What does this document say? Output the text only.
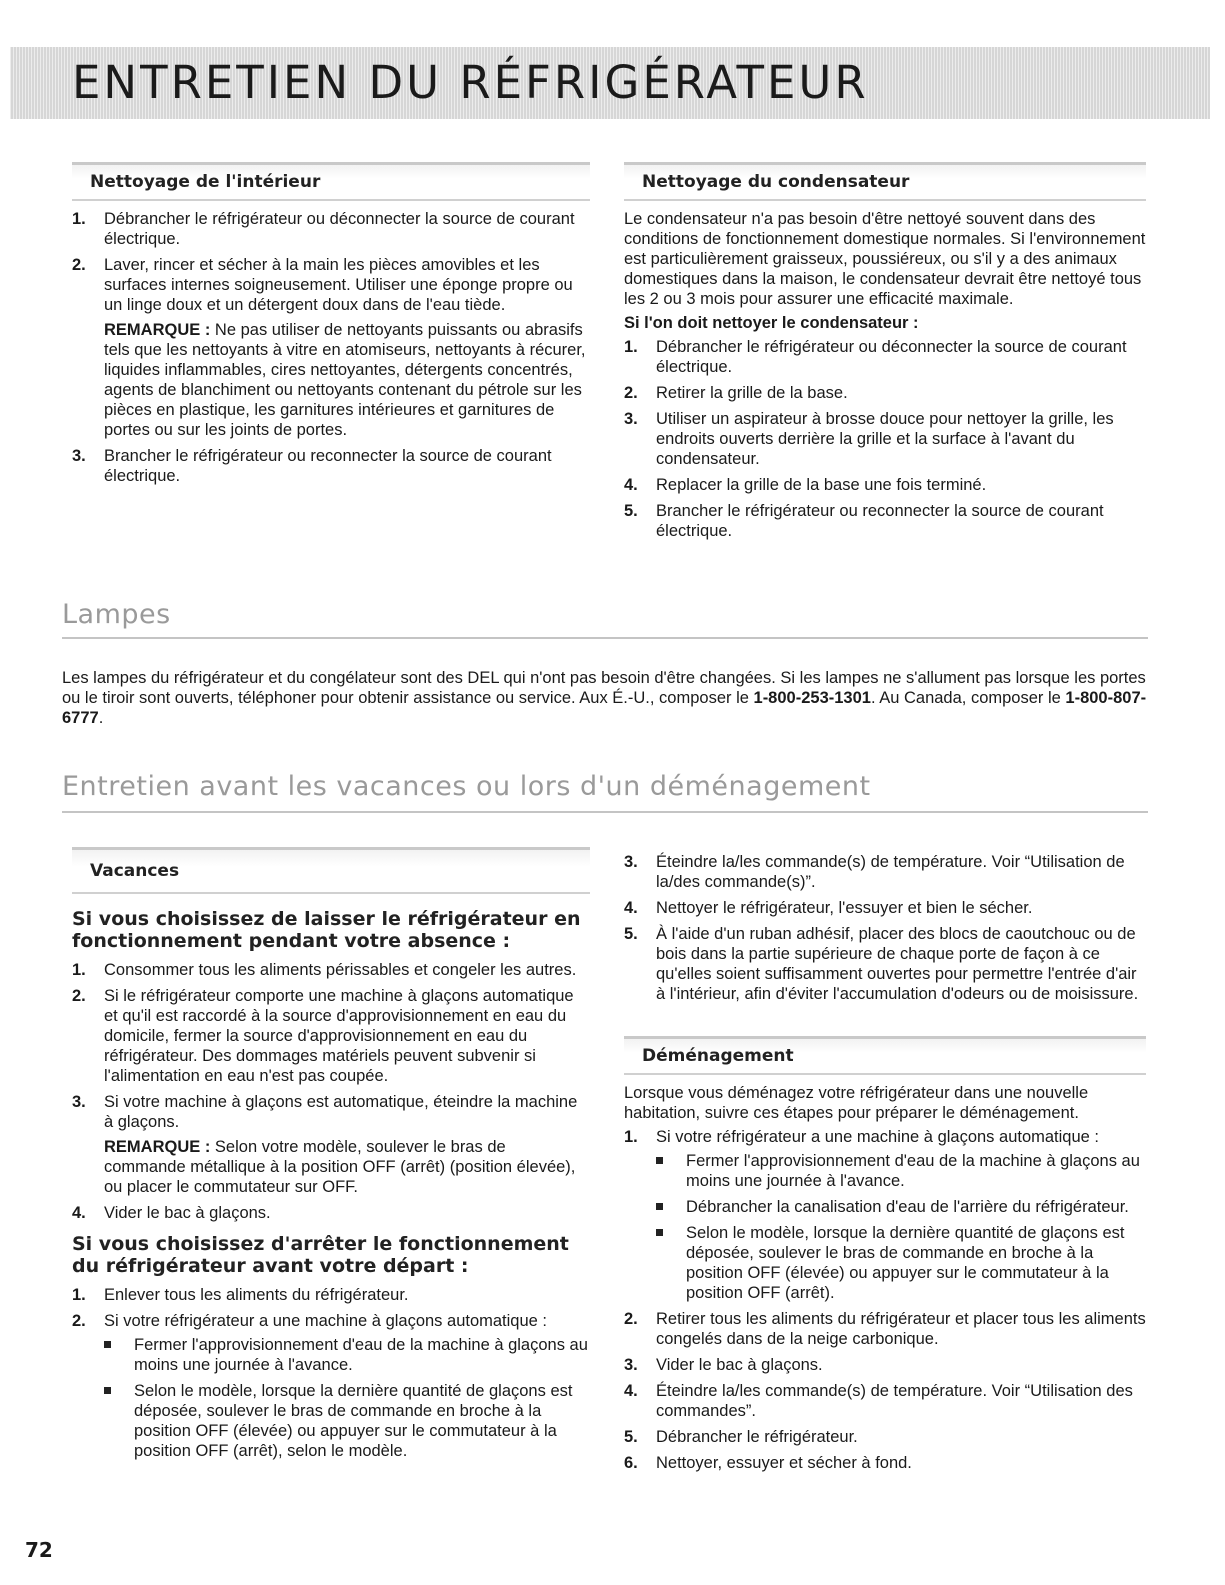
ENTRETIEN DU RÉFRIGÉRATEUR
Nettoyage de l'intérieur
1. Débrancher le réfrigérateur ou déconnecter la source de courant électrique.
2. Laver, rincer et sécher à la main les pièces amovibles et les surfaces internes soigneusement. Utiliser une éponge propre ou un linge doux et un détergent doux dans de l'eau tiède.

REMARQUE : Ne pas utiliser de nettoyants puissants ou abrasifs tels que les nettoyants à vitre en atomiseurs, nettoyants à récurer, liquides inflammables, cires nettoyantes, détergents concentrés, agents de blanchiment ou nettoyants contenant du pétrole sur les pièces en plastique, les garnitures intérieures et garnitures de portes ou sur les joints de portes.

3. Brancher le réfrigérateur ou reconnecter la source de courant électrique.
Nettoyage du condensateur

Le condensateur n'a pas besoin d'être nettoyé souvent dans des conditions de fonctionnement domestique normales. Si l'environnement est particulièrement graisseux, poussiéreux, ou s'il y a des animaux domestiques dans la maison, le condensateur devrait être nettoyé tous les 2 ou 3 mois pour assurer une efficacité maximale.

Si l'on doit nettoyer le condensateur :

1. Débrancher le réfrigérateur ou déconnecter la source de courant électrique.
2. Retirer la grille de la base.
3. Utiliser un aspirateur à brosse douce pour nettoyer la grille, les endroits ouverts derrière la grille et la surface à l'avant du condensateur.
4. Replacer la grille de la base une fois terminé.
5. Brancher le réfrigérateur ou reconnecter la source de courant électrique.
Lampes

Les lampes du réfrigérateur et du congélateur sont des DEL qui n'ont pas besoin d'être changées. Si les lampes ne s'allument pas lorsque les portes ou le tiroir sont ouverts, téléphoner pour obtenir assistance ou service. Aux É.-U., composer le 1-800-253-1301. Au Canada, composer le 1-800-807-6777.

Entretien avant les vacances ou lors d'un déménagement
Vacances
Si vous choisissez de laisser le réfrigérateur en fonctionnement pendant votre absence :
1. Consommer tous les aliments périssables et congeler les autres.
2. Si le réfrigérateur comporte une machine à glaçons automatique et qu'il est raccordé à la source d'approvisionnement en eau du domicile, fermer la source d'approvisionnement en eau du réfrigérateur. Des dommages matériels peuvent subvenir si l'alimentation en eau n'est pas coupée.
3. Si votre machine à glaçons est automatique, éteindre la machine à glaçons.

REMARQUE : Selon votre modèle, soulever le bras de commande métallique à la position OFF (arrêt) (position élevée), ou placer le commutateur sur OFF.

4. Vider le bac à glaçons.
Si vous choisissez d'arrêter le fonctionnement du réfrigérateur avant votre départ :
1. Enlever tous les aliments du réfrigérateur.
2. Si votre réfrigérateur a une machine à glaçons automatique :
Fermer l'approvisionnement d'eau de la machine à glaçons au moins une journée à l'avance.
Selon le modèle, lorsque la dernière quantité de glaçons est déposée, soulever le bras de commande en broche à la position OFF (élevée) ou appuyer sur le commutateur à la position OFF (arrêt), selon le modèle.
3. Éteindre la/les commande(s) de température. Voir “Utilisation de la/des commande(s)”.
4. Nettoyer le réfrigérateur, l'essuyer et bien le sécher.
5. À l'aide d'un ruban adhésif, placer des blocs de caoutchouc ou de bois dans la partie supérieure de chaque porte de façon à ce qu'elles soient suffisamment ouvertes pour permettre l'entrée d'air à l'intérieur, afin d'éviter l'accumulation d'odeurs ou de moisissure.
Déménagement

Lorsque vous déménagez votre réfrigérateur dans une nouvelle habitation, suivre ces étapes pour préparer le déménagement.

1. Si votre réfrigérateur a une machine à glaçons automatique :
Fermer l'approvisionnement d'eau de la machine à glaçons au moins une journée à l'avance.
Débrancher la canalisation d'eau de l'arrière du réfrigérateur.
Selon le modèle, lorsque la dernière quantité de glaçons est déposée, soulever le bras de commande en broche à la position OFF (élevée) ou appuyer sur le commutateur à la position OFF (arrêt).
2. Retirer tous les aliments du réfrigérateur et placer tous les aliments congelés dans de la neige carbonique.
3. Vider le bac à glaçons.
4. Éteindre la/les commande(s) de température. Voir “Utilisation des commandes”.
5. Débrancher le réfrigérateur.
6. Nettoyer, essuyer et sécher à fond.
72
